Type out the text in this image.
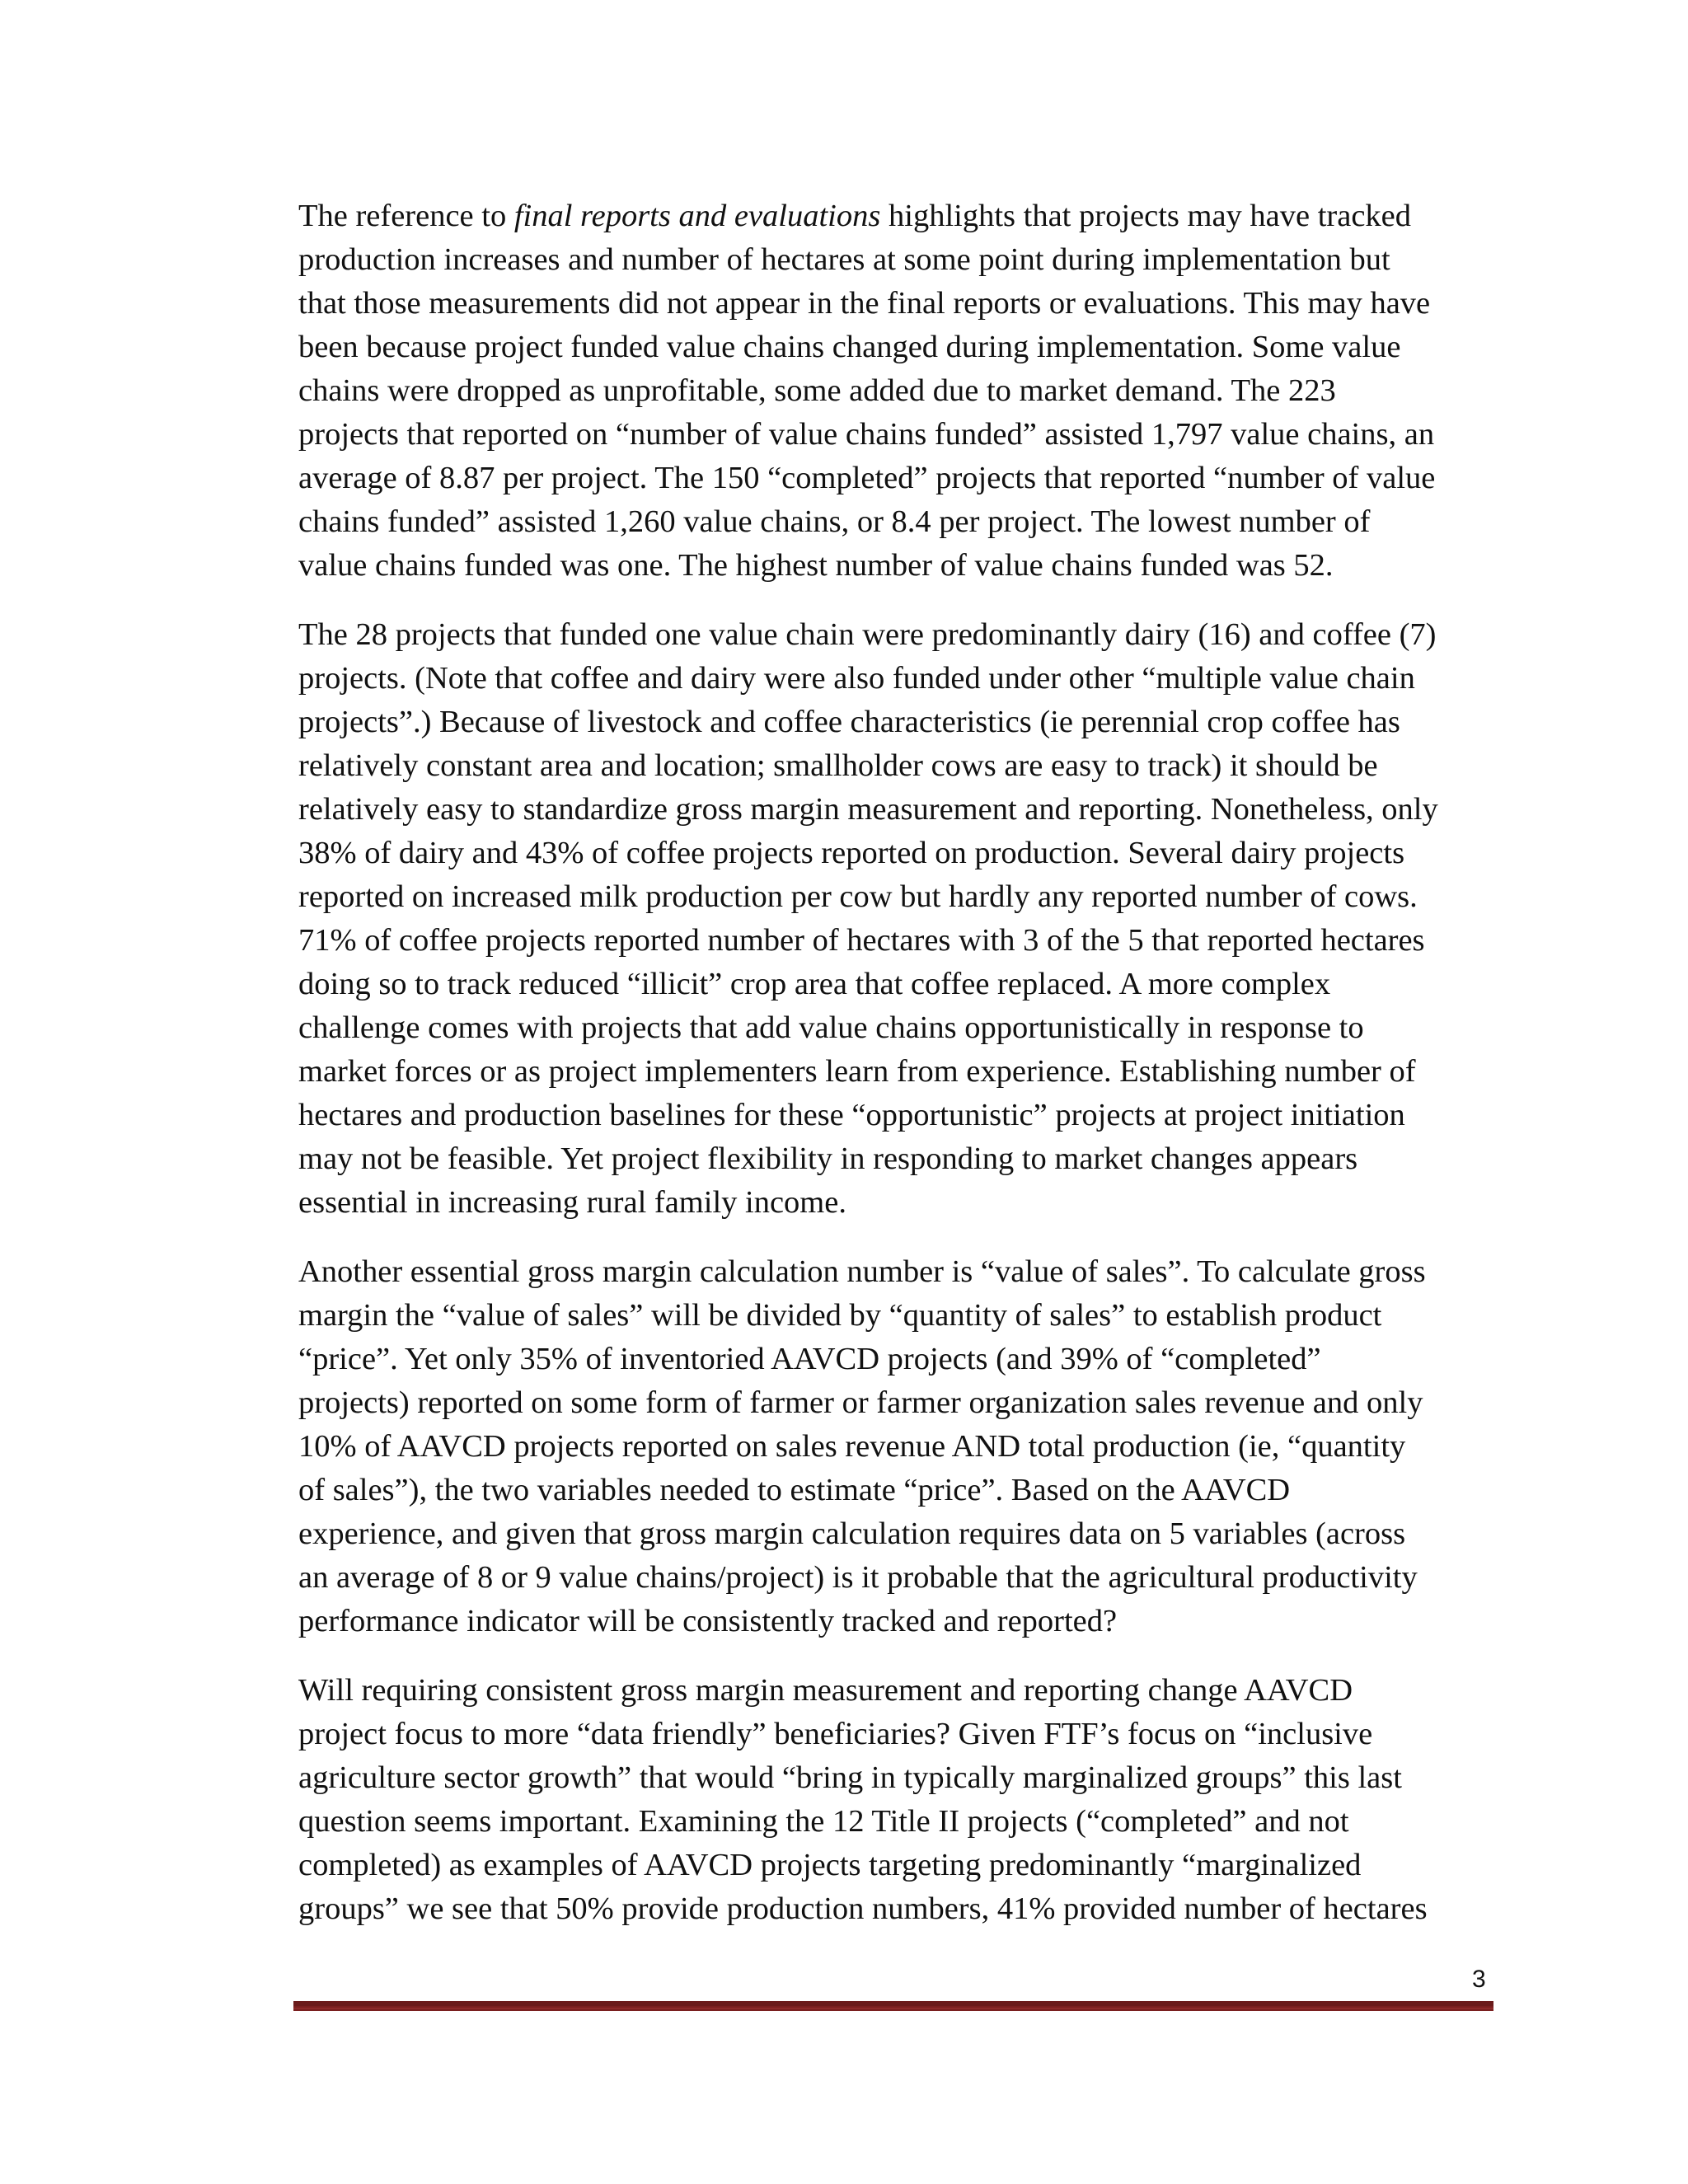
The reference to final reports and evaluations highlights that projects may have tracked
production increases and number of hectares at some point during implementation but
that those measurements did not appear in the final reports or evaluations. This may have
been because project funded value chains changed during implementation. Some value
chains were dropped as unprofitable, some added due to market demand. The 223
projects that reported on “number of value chains funded” assisted 1,797 value chains, an
average of 8.87 per project. The 150 “completed” projects that reported “number of value
chains funded” assisted 1,260 value chains, or 8.4 per project. The lowest number of
value chains funded was one. The highest number of value chains funded was 52.

The 28 projects that funded one value chain were predominantly dairy (16) and coffee (7)
projects. (Note that coffee and dairy were also funded under other “multiple value chain
projects”.) Because of livestock and coffee characteristics (ie perennial crop coffee has
relatively constant area and location; smallholder cows are easy to track) it should be
relatively easy to standardize gross margin measurement and reporting. Nonetheless, only
38% of dairy and 43% of coffee projects reported on production. Several dairy projects
reported on increased milk production per cow but hardly any reported number of cows.
71% of coffee projects reported number of hectares with 3 of the 5 that reported hectares
doing so to track reduced “illicit” crop area that coffee replaced. A more complex
challenge comes with projects that add value chains opportunistically in response to
market forces or as project implementers learn from experience. Establishing number of
hectares and production baselines for these “opportunistic” projects at project initiation
may not be feasible. Yet project flexibility in responding to market changes appears
essential in increasing rural family income.

Another essential gross margin calculation number is “value of sales”. To calculate gross
margin the “value of sales” will be divided by “quantity of sales” to establish product
“price”. Yet only 35% of inventoried AAVCD projects (and 39% of “completed”
projects) reported on some form of farmer or farmer organization sales revenue and only
10% of AAVCD projects reported on sales revenue AND total production (ie, “quantity
of sales”), the two variables needed to estimate “price”. Based on the AAVCD
experience, and given that gross margin calculation requires data on 5 variables (across
an average of 8 or 9 value chains/project) is it probable that the agricultural productivity
performance indicator will be consistently tracked and reported?

Will requiring consistent gross margin measurement and reporting change AAVCD
project focus to more “data friendly” beneficiaries? Given FTF’s focus on “inclusive
agriculture sector growth” that would “bring in typically marginalized groups” this last
question seems important. Examining the 12 Title II projects (“completed” and not
completed) as examples of AAVCD projects targeting predominantly “marginalized
groups” we see that 50% provide production numbers, 41% provided number of hectares

3
